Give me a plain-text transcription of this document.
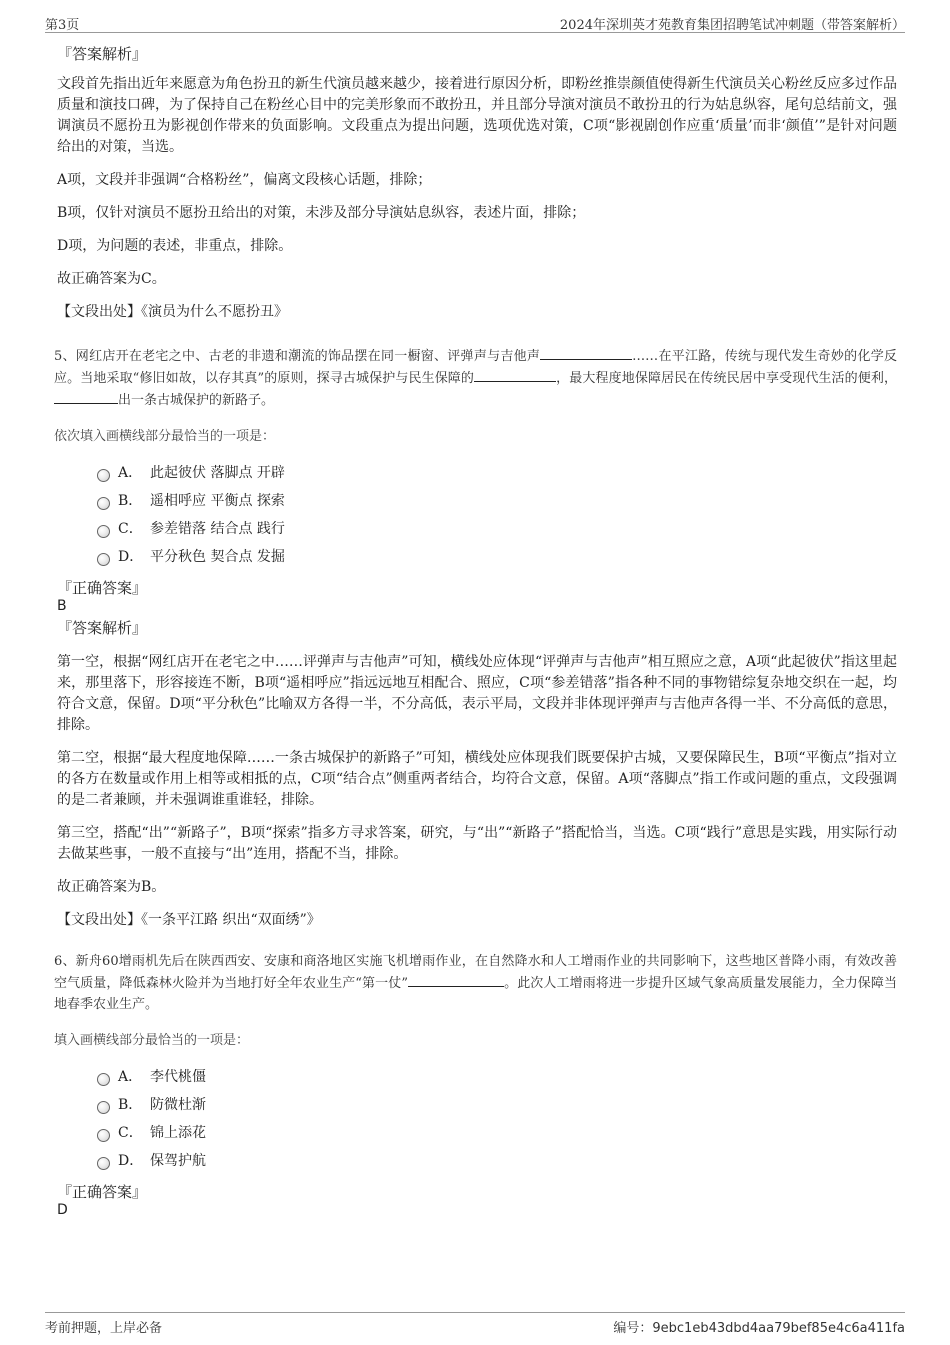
第3页	2024年深圳英才苑教育集团招聘笔试冲刺题（带答案解析）
『答案解析』

文段首先指出近年来愿意为角色扮丑的新生代演员越来越少，接着进行原因分析，即粉丝推崇颜值使得新生代演员关心粉丝反应多过作品质量和演技口碑，为了保持自己在粉丝心目中的完美形象而不敢扮丑，并且部分导演对演员不敢扮丑的行为姑息纵容，尾句总结前文，强调演员不愿扮丑为影视创作带来的负面影响。文段重点为提出问题，选项优选对策，C项“影视剧创作应重‘质量’而非‘颜值’”是针对问题给出的对策，当选。

A项，文段并非强调“合格粉丝”，偏离文段核心话题，排除；

B项，仅针对演员不愿扮丑给出的对策，未涉及部分导演姑息纵容，表述片面，排除；

D项，为问题的表述，非重点，排除。

故正确答案为C。

【文段出处】《演员为什么不愿扮丑》

5、网红店开在老宅之中、古老的非遗和潮流的饰品摆在同一橱窗、评弹声与吉他声	……在平江路，传统与现代发生奇妙的化学反应。当地采取“修旧如故，以存其真”的原则，探寻古城保护与民生保障的	，最大程度地保障居民在传统民居中享受现代生活的便利，出一条古城保护的新路子。

依次填入画横线部分最恰当的一项是：
A． 此起彼伏 落脚点 开辟
B． 遥相呼应 平衡点 探索
C． 参差错落 结合点 践行
D． 平分秋色 契合点 发掘
『正确答案』
B
『答案解析』

第一空，根据“网红店开在老宅之中……评弹声与吉他声”可知，横线处应体现“评弹声与吉他声”相互照应之意，A项“此起彼伏”指这里起来，那里落下，形容接连不断，B项“遥相呼应”指远远地互相配合、照应，C项“参差错落”指各种不同的事物错综复杂地交织在一起，均符合文意，保留。D项“平分秋色”比喻双方各得一半，不分高低，表示平局，文段并非体现评弹声与吉他声各得一半、不分高低的意思，排除。

第二空，根据“最大程度地保障……一条古城保护的新路子”可知，横线处应体现我们既要保护古城，又要保障民生，B项“平衡点”指对立的各方在数量或作用上相等或相抵的点，C项“结合点”侧重两者结合，均符合文意，保留。A项“落脚点”指工作或问题的重点，文段强调的是二者兼顾，并未强调谁重谁轻，排除。

第三空，搭配“出”“新路子”，B项“探索”指多方寻求答案，研究，与“出”“新路子”搭配恰当，当选。C项“践行”意思是实践，用实际行动去做某些事，一般不直接与“出”连用，搭配不当，排除。

故正确答案为B。

【文段出处】《一条平江路 织出“双面绣”》

6、新舟60增雨机先后在陕西西安、安康和商洛地区实施飞机增雨作业，在自然降水和人工增雨作业的共同影响下，这些地区普降小雨，有效改善空气质量，降低森林火险并为当地打好全年农业生产“第一仗”	。此次人工增雨将进一步提升区域气象高质量发展能力，全力保障当地春季农业生产。

填入画横线部分最恰当的一项是：
A． 李代桃僵
B． 防微杜渐
C． 锦上添花
D． 保驾护航
『正确答案』
D
考前押题，上岸必备	编号：9ebc1eb43dbd4aa79bef85e4c6a411fa
